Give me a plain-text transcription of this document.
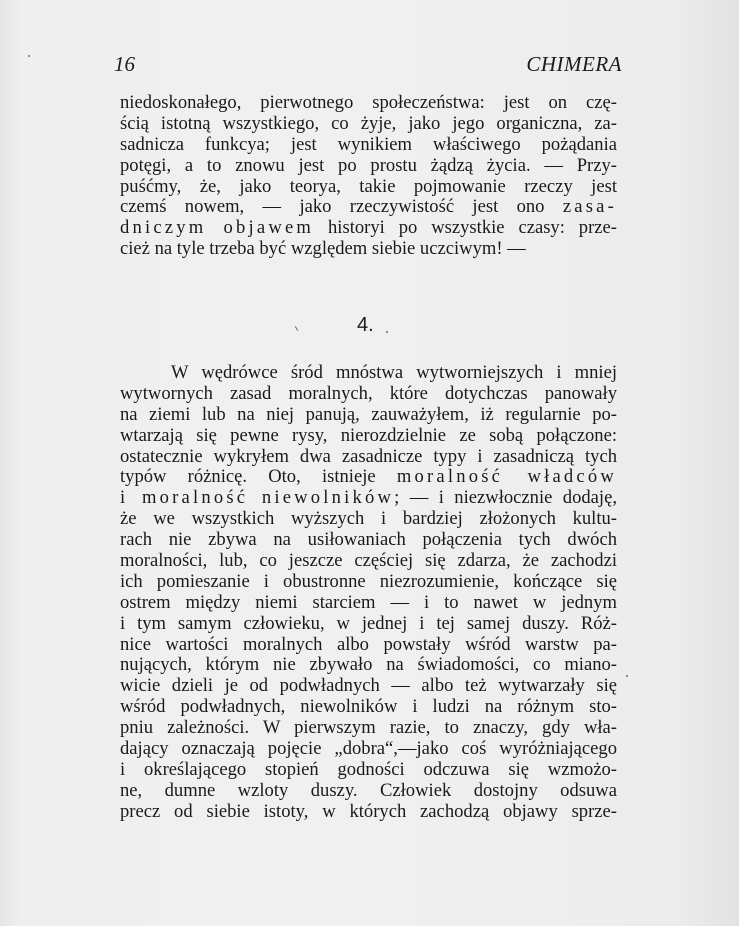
16	CHIMERA
niedoskonałego, pierwotnego społeczeństwa: jest on czę-
ścią istotną wszystkiego, co żyje, jako jego organiczna, za-
sadnicza funkcya; jest wynikiem właściwego pożądania
potęgi, a to znowu jest po prostu żądzą życia. — Przy-
puśćmy, że, jako teorya, takie pojmowanie rzeczy jest
czemś nowem, — jako rzeczywistość jest ono zasa-
dniczym objawem historyi po wszystkie czasy: prze-
cież na tyle trzeba być względem siebie uczciwym! —
4.
W wędrówce śród mnóstwa wytworniejszych i mniej
wytwornych zasad moralnych, które dotychczas panowały
na ziemi lub na niej panują, zauważyłem, iż regularnie po-
wtarzają się pewne rysy, nierozdzielnie ze sobą połączone:
ostatecznie wykryłem dwa zasadnicze typy i zasadniczą tych
typów różnicę. Oto, istnieje moralność władców
i moralność niewolników; — i niezwłocznie dodaję,
że we wszystkich wyższych i bardziej złożonych kultu-
rach nie zbywa na usiłowaniach połączenia tych dwóch
moralności, lub, co jeszcze częściej się zdarza, że zachodzi
ich pomieszanie i obustronne niezrozumienie, kończące się
ostrem między niemi starciem — i to nawet w jednym
i tym samym człowieku, w jednej i tej samej duszy. Róż-
nice wartości moralnych albo powstały wśród warstw pa-
nujących, którym nie zbywało na świadomości, co miano-
wicie dzieli je od podwładnych — albo też wytwarzały się
wśród podwładnych, niewolników i ludzi na różnym sto-
pniu zależności. W pierwszym razie, to znaczy, gdy wła-
dający oznaczają pojęcie „dobra“,—jako coś wyróżniającego
i określającego stopień godności odczuwa się wzmożo-
ne, dumne wzloty duszy. Człowiek dostojny odsuwa
precz od siebie istoty, w których zachodzą objawy sprze-
